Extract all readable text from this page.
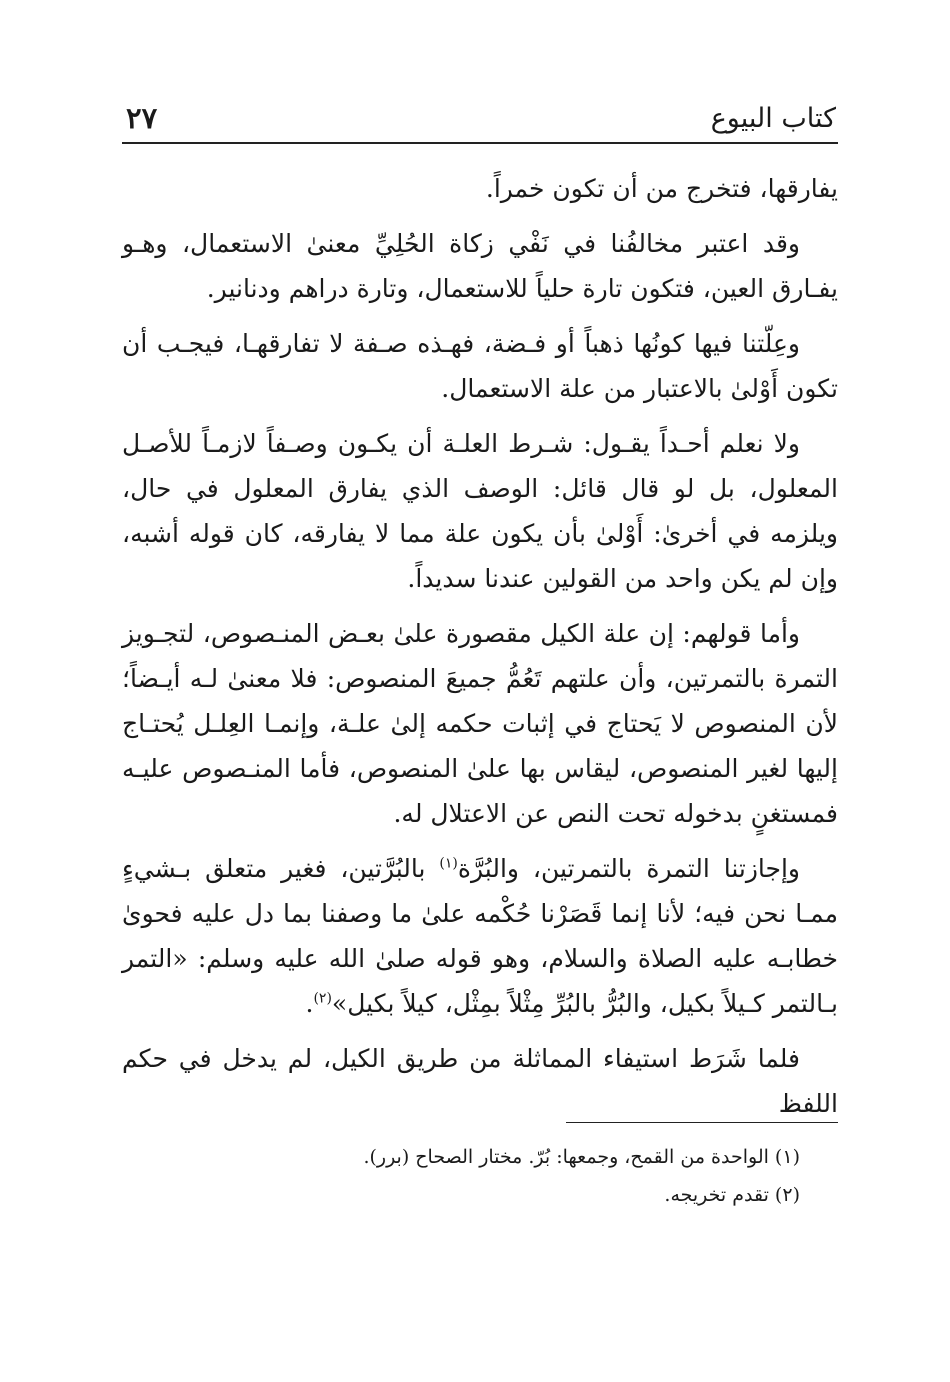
كتاب البيوع
٢٧

يفارقها، فتخرج من أن تكون خمراً.

وقد اعتبر مخالفُنا في نَفْي زكاة الحُلِيِّ معنىٰ الاستعمال، وهـو يفـارق العين، فتكون تارة حلياً للاستعمال، وتارة دراهم ودنانير.

وعِلّتنا فيها كونُها ذهباً أو فـضة، فهـذه صـفة لا تفارقهـا، فيجـب أن تكون أَوْلىٰ بالاعتبار من علة الاستعمال.

ولا نعلم أحـداً يقـول: شـرط العلـة أن يكـون وصـفاً لازمـاً للأصـل المعلول، بل لو قال قائل: الوصف الذي يفارق المعلول في حال، ويلزمه في أخرىٰ: أَوْلىٰ بأن يكون علة مما لا يفارقه، كان قوله أشبه، وإن لم يكن واحد من القولين عندنا سديداً.

وأما قولهم: إن علة الكيل مقصورة علىٰ بعـض المنـصوص، لتجـويز التمرة بالتمرتين، وأن علتهم تَعُمُّ جميعَ المنصوص: فلا معنىٰ لـه أيـضاً؛ لأن المنصوص لا يَحتاج في إثبات حكمه إلىٰ علـة، وإنمـا العِلـل يُحتـاج إليها لغير المنصوص، ليقاس بها علىٰ المنصوص، فأما المنـصوص عليـه فمستغنٍ بدخوله تحت النص عن الاعتلال له.

وإجازتنا التمرة بالتمرتين، والبُرَّة$^{(١)}$ بالبُرَّتين، فغير متعلق بـشيءٍ ممـا نحن فيه؛ لأنا إنما قَصَرْنا حُكْمه علىٰ ما وصفنا بما دل عليه فحوىٰ خطابـه عليه الصلاة والسلام، وهو قوله صلىٰ الله عليه وسلم: «التمر بـالتمر كـيلاً بكيل، والبُرُّ بالبُرِّ مِثْلاً بمِثْل، كيلاً بكيل»$^{(٢)}$.

فلما شَرَط استيفاء المماثلة من طريق الكيل، لم يدخل في حكم اللفظ

(١) الواحدة من القمح، وجمعها: بُرّ. مختار الصحاح (برر).

(٢) تقدم تخريجه.
